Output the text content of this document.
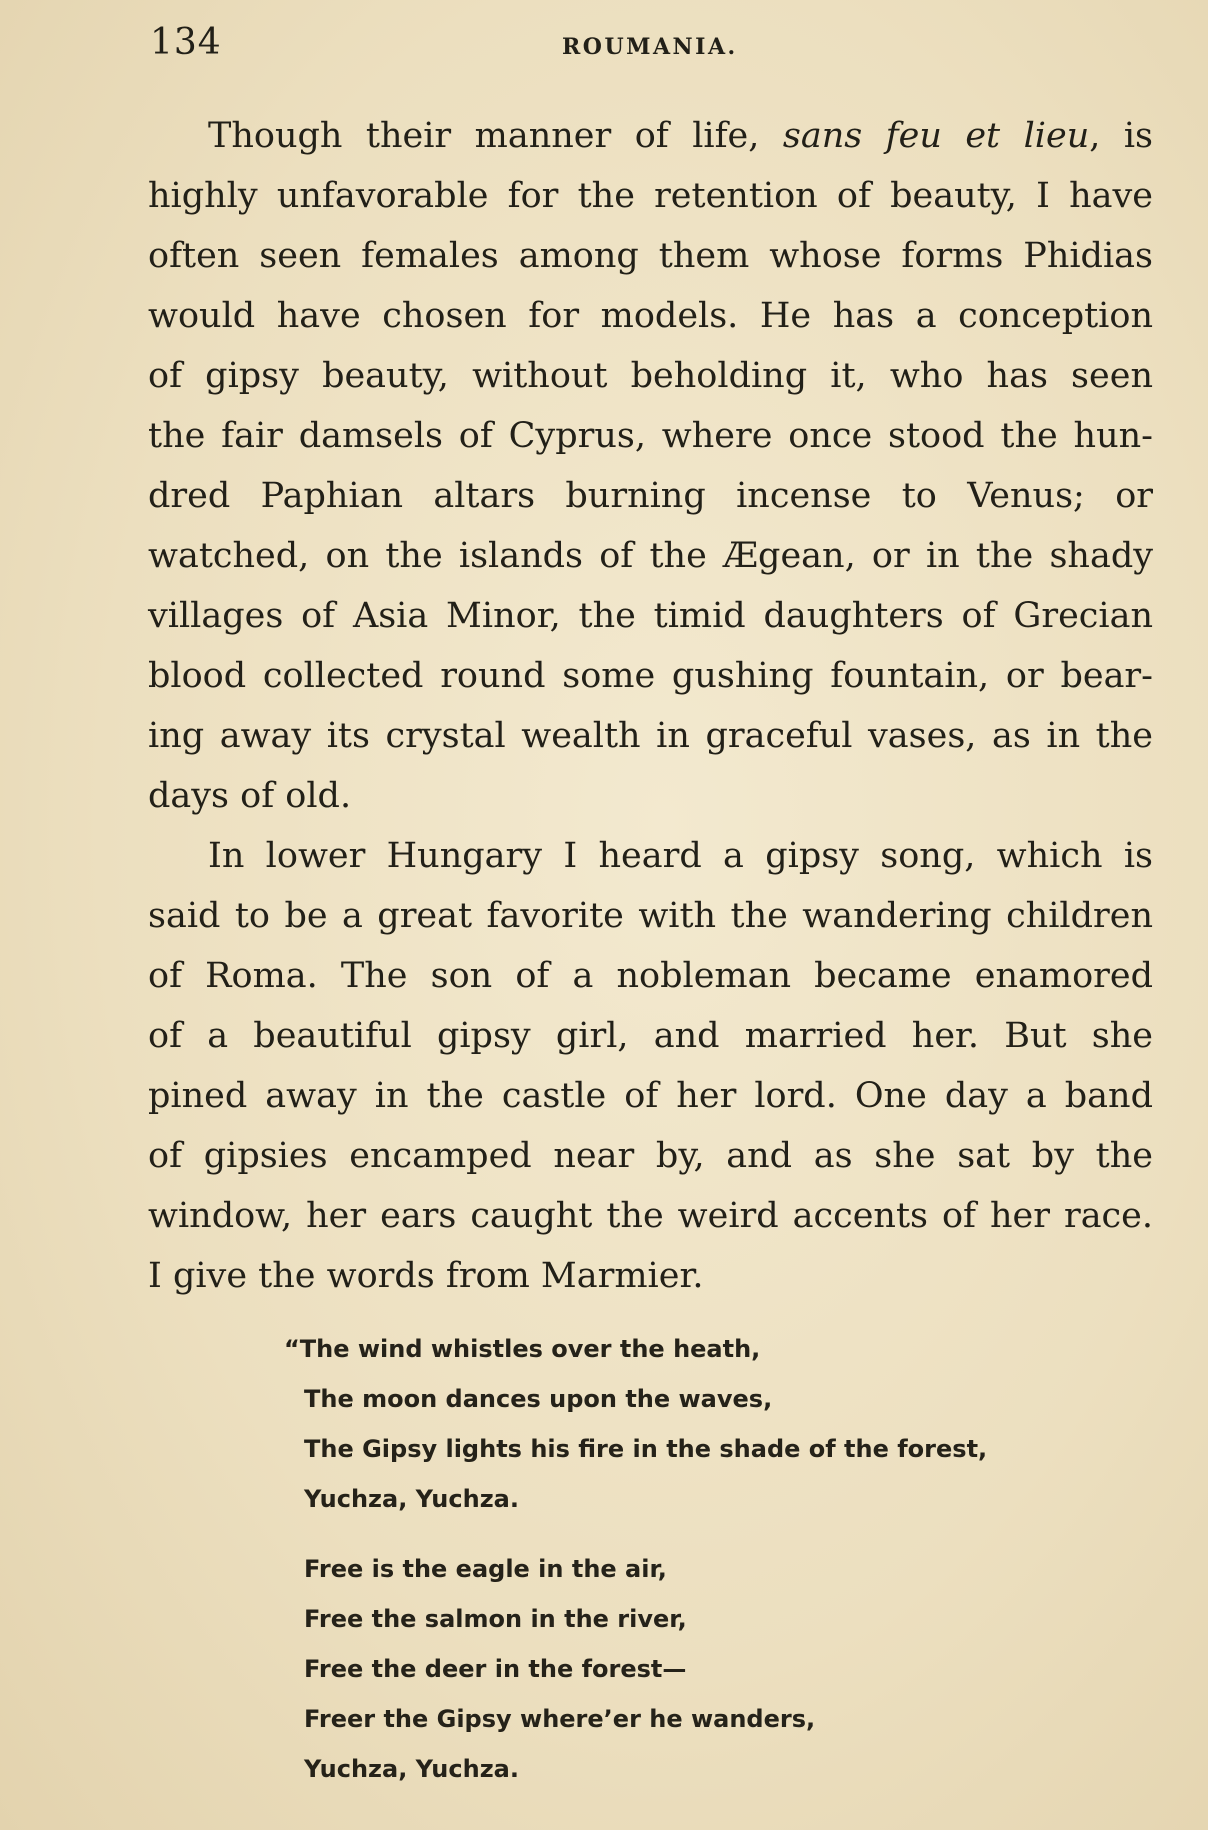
134	ROUMANIA.
Though their manner of life, sans feu et lieu, is
highly unfavorable for the retention of beauty, I have
often seen females among them whose forms Phidias
would have chosen for models. He has a conception
of gipsy beauty, without beholding it, who has seen
the fair damsels of Cyprus, where once stood the hun-
dred Paphian altars burning incense to Venus; or
watched, on the islands of the Ægean, or in the shady
villages of Asia Minor, the timid daughters of Grecian
blood collected round some gushing fountain, or bear-
ing away its crystal wealth in graceful vases, as in the
days of old.
In lower Hungary I heard a gipsy song, which is
said to be a great favorite with the wandering children
of Roma. The son of a nobleman became enamored
of a beautiful gipsy girl, and married her. But she
pined away in the castle of her lord. One day a band
of gipsies encamped near by, and as she sat by the
window, her ears caught the weird accents of her race.
I give the words from Marmier.
“The wind whistles over the heath,
The moon dances upon the waves,
The Gipsy lights his fire in the shade of the forest,
Yuchza, Yuchza.
Free is the eagle in the air,
Free the salmon in the river,
Free the deer in the forest—
Freer the Gipsy where’er he wanders,
Yuchza, Yuchza.
